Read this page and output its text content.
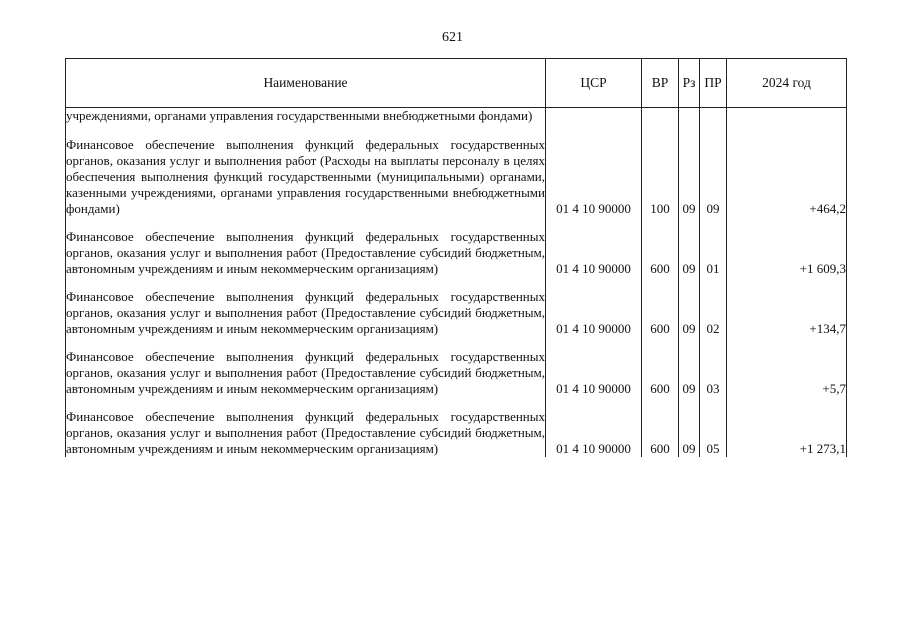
621
Наименование	ЦСР	ВР	Рз	ПР	2024 год
учреждениями, органами управления государственными внебюджетными фондами)					

Финансовое обеспечение выполнения функций федеральных государственных органов, оказания услуг и выполнения работ (Расходы на выплаты персоналу в целях обеспечения выполнения функций государственными (муниципальными) органами, казенными учреждениями, органами управления государственными внебюджетными фондами)	01 4 10 90000	100	09	09	+464,2

Финансовое обеспечение выполнения функций федеральных государственных органов, оказания услуг и выполнения работ (Предоставление субсидий бюджетным, автономным учреждениям и иным некоммерческим организациям)	01 4 10 90000	600	09	01	+1 609,3

Финансовое обеспечение выполнения функций федеральных государственных органов, оказания услуг и выполнения работ (Предоставление субсидий бюджетным, автономным учреждениям и иным некоммерческим организациям)	01 4 10 90000	600	09	02	+134,7

Финансовое обеспечение выполнения функций федеральных государственных органов, оказания услуг и выполнения работ (Предоставление субсидий бюджетным, автономным учреждениям и иным некоммерческим организациям)	01 4 10 90000	600	09	03	+5,7

Финансовое обеспечение выполнения функций федеральных государственных органов, оказания услуг и выполнения работ (Предоставление субсидий бюджетным, автономным учреждениям и иным некоммерческим организациям)	01 4 10 90000	600	09	05	+1 273,1
